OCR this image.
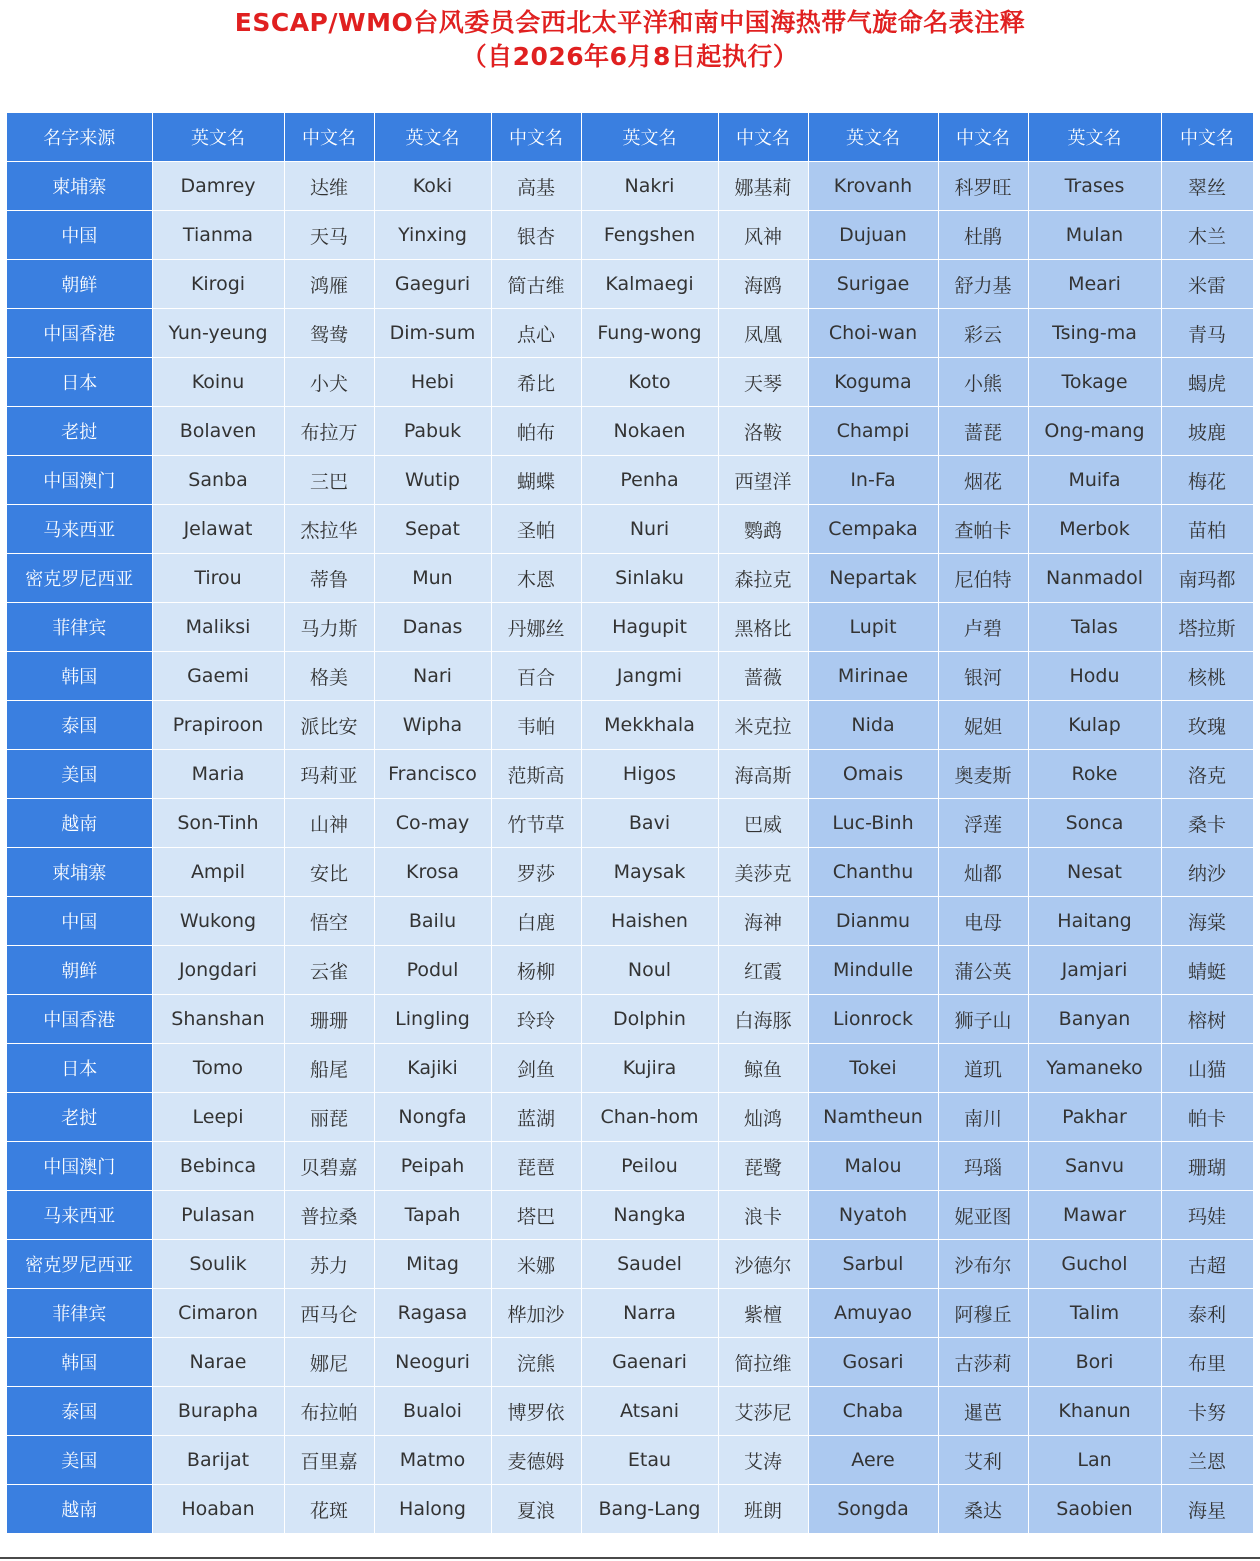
ESCAP/WMO台风委员会西北太平洋和南中国海热带气旋命名表注释
（自2026年6月8日起执行）
名字来源	英文名	中文名	英文名	中文名	英文名	中文名	英文名	中文名	英文名	中文名
柬埔寨	Damrey	达维	Koki	高基	Nakri	娜基莉	Krovanh	科罗旺	Trases	翠丝
中国	Tianma	天马	Yinxing	银杏	Fengshen	风神	Dujuan	杜鹃	Mulan	木兰
朝鲜	Kirogi	鸿雁	Gaeguri	简古维	Kalmaegi	海鸥	Surigae	舒力基	Meari	米雷
中国香港	Yun-yeung	鸳鸯	Dim-sum	点心	Fung-wong	凤凰	Choi-wan	彩云	Tsing-ma	青马
日本	Koinu	小犬	Hebi	希比	Koto	天琴	Koguma	小熊	Tokage	蝎虎
老挝	Bolaven	布拉万	Pabuk	帕布	Nokaen	洛鞍	Champi	蔷琵	Ong-mang	坡鹿
中国澳门	Sanba	三巴	Wutip	蝴蝶	Penha	西望洋	In-Fa	烟花	Muifa	梅花
马来西亚	Jelawat	杰拉华	Sepat	圣帕	Nuri	鹦鹉	Cempaka	查帕卡	Merbok	苗柏
密克罗尼西亚	Tirou	蒂鲁	Mun	木恩	Sinlaku	森拉克	Nepartak	尼伯特	Nanmadol	南玛都
菲律宾	Maliksi	马力斯	Danas	丹娜丝	Hagupit	黑格比	Lupit	卢碧	Talas	塔拉斯
韩国	Gaemi	格美	Nari	百合	Jangmi	蔷薇	Mirinae	银河	Hodu	核桃
泰国	Prapiroon	派比安	Wipha	韦帕	Mekkhala	米克拉	Nida	妮妲	Kulap	玫瑰
美国	Maria	玛莉亚	Francisco	范斯高	Higos	海高斯	Omais	奥麦斯	Roke	洛克
越南	Son-Tinh	山神	Co-may	竹节草	Bavi	巴威	Luc-Binh	浮莲	Sonca	桑卡
柬埔寨	Ampil	安比	Krosa	罗莎	Maysak	美莎克	Chanthu	灿都	Nesat	纳沙
中国	Wukong	悟空	Bailu	白鹿	Haishen	海神	Dianmu	电母	Haitang	海棠
朝鲜	Jongdari	云雀	Podul	杨柳	Noul	红霞	Mindulle	蒲公英	Jamjari	蜻蜓
中国香港	Shanshan	珊珊	Lingling	玲玲	Dolphin	白海豚	Lionrock	狮子山	Banyan	榕树
日本	Tomo	船尾	Kajiki	剑鱼	Kujira	鲸鱼	Tokei	道玑	Yamaneko	山猫
老挝	Leepi	丽琵	Nongfa	蓝湖	Chan-hom	灿鸿	Namtheun	南川	Pakhar	帕卡
中国澳门	Bebinca	贝碧嘉	Peipah	琵琶	Peilou	琵鹭	Malou	玛瑙	Sanvu	珊瑚
马来西亚	Pulasan	普拉桑	Tapah	塔巴	Nangka	浪卡	Nyatoh	妮亚图	Mawar	玛娃
密克罗尼西亚	Soulik	苏力	Mitag	米娜	Saudel	沙德尔	Sarbul	沙布尔	Guchol	古超
菲律宾	Cimaron	西马仑	Ragasa	桦加沙	Narra	紫檀	Amuyao	阿穆丘	Talim	泰利
韩国	Narae	娜尼	Neoguri	浣熊	Gaenari	简拉维	Gosari	古莎莉	Bori	布里
泰国	Burapha	布拉帕	Bualoi	博罗依	Atsani	艾莎尼	Chaba	暹芭	Khanun	卡努
美国	Barijat	百里嘉	Matmo	麦德姆	Etau	艾涛	Aere	艾利	Lan	兰恩
越南	Hoaban	花斑	Halong	夏浪	Bang-Lang	班朗	Songda	桑达	Saobien	海星
